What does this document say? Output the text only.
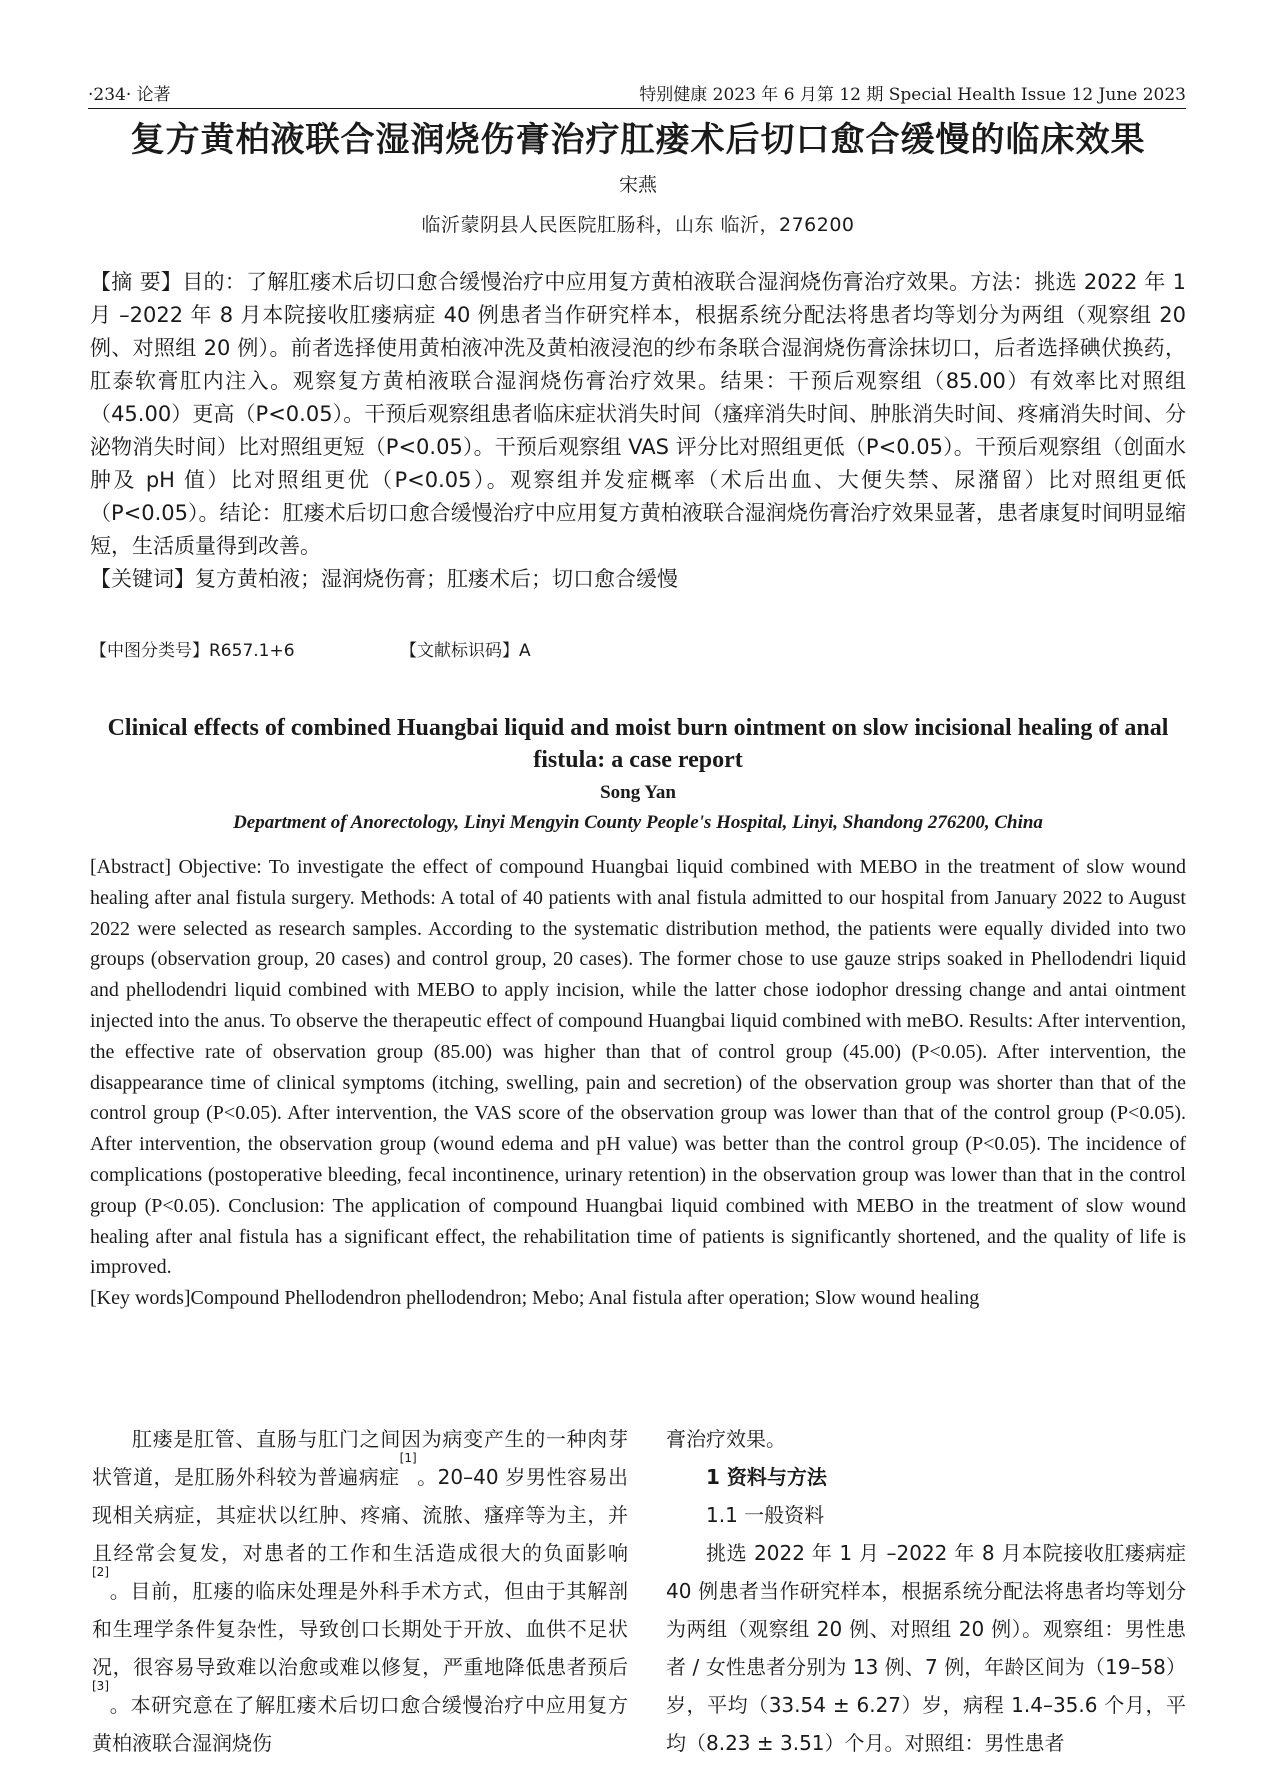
·234· 论著	特别健康 2023 年 6 月第 12 期 Special Health Issue 12 June 2023
复方黄柏液联合湿润烧伤膏治疗肛瘘术后切口愈合缓慢的临床效果
宋燕
临沂蒙阴县人民医院肛肠科，山东 临沂，276200

【摘 要】目的：了解肛瘘术后切口愈合缓慢治疗中应用复方黄柏液联合湿润烧伤膏治疗效果。方法：挑选 2022 年 1 月 –2022 年 8 月本院接收肛瘘病症 40 例患者当作研究样本，根据系统分配法将患者均等划分为两组（观察组 20 例、对照组 20 例）。前者选择使用黄柏液冲洗及黄柏液浸泡的纱布条联合湿润烧伤膏涂抹切口，后者选择碘伏换药，肛泰软膏肛内注入。观察复方黄柏液联合湿润烧伤膏治疗效果。结果：干预后观察组（85.00）有效率比对照组（45.00）更高（P<0.05）。干预后观察组患者临床症状消失时间（瘙痒消失时间、肿胀消失时间、疼痛消失时间、分泌物消失时间）比对照组更短（P<0.05）。干预后观察组 VAS 评分比对照组更低（P<0.05）。干预后观察组（创面水肿及 pH 值）比对照组更优（P<0.05）。观察组并发症概率（术后出血、大便失禁、尿潴留）比对照组更低（P<0.05）。结论：肛瘘术后切口愈合缓慢治疗中应用复方黄柏液联合湿润烧伤膏治疗效果显著，患者康复时间明显缩短，生活质量得到改善。

【关键词】复方黄柏液；湿润烧伤膏；肛瘘术后；切口愈合缓慢

【中图分类号】R657.1+6	【文献标识码】A
Clinical effects of combined Huangbai liquid and moist burn ointment on slow incisional healing of anal fistula: a case report
Song Yan
Department of Anorectology, Linyi Mengyin County People's Hospital, Linyi, Shandong 276200, China

[Abstract] Objective: To investigate the effect of compound Huangbai liquid combined with MEBO in the treatment of slow wound healing after anal fistula surgery. Methods: A total of 40 patients with anal fistula admitted to our hospital from January 2022 to August 2022 were selected as research samples. According to the systematic distribution method, the patients were equally divided into two groups (observation group, 20 cases) and control group, 20 cases). The former chose to use gauze strips soaked in Phellodendri liquid and phellodendri liquid combined with MEBO to apply incision, while the latter chose iodophor dressing change and antai ointment injected into the anus. To observe the therapeutic effect of compound Huangbai liquid combined with meBO. Results: After intervention, the effective rate of observation group (85.00) was higher than that of control group (45.00) (P<0.05). After intervention, the disappearance time of clinical symptoms (itching, swelling, pain and secretion) of the observation group was shorter than that of the control group (P<0.05). After intervention, the VAS score of the observation group was lower than that of the control group (P<0.05). After intervention, the observation group (wound edema and pH value) was better than the control group (P<0.05). The incidence of complications (postoperative bleeding, fecal incontinence, urinary retention) in the observation group was lower than that in the control group (P<0.05). Conclusion: The application of compound Huangbai liquid combined with MEBO in the treatment of slow wound healing after anal fistula has a significant effect, the rehabilitation time of patients is significantly shortened, and the quality of life is improved.

[Key words]Compound Phellodendron phellodendron; Mebo; Anal fistula after operation; Slow wound healing

肛瘘是肛管、直肠与肛门之间因为病变产生的一种肉芽状管道，是肛肠外科较为普遍病症[1]。20–40 岁男性容易出现相关病症，其症状以红肿、疼痛、流脓、瘙痒等为主，并且经常会复发，对患者的工作和生活造成很大的负面影响[2]。目前，肛瘘的临床处理是外科手术方式，但由于其解剖和生理学条件复杂性，导致创口长期处于开放、血供不足状况，很容易导致难以治愈或难以修复，严重地降低患者预后[3]。本研究意在了解肛瘘术后切口愈合缓慢治疗中应用复方黄柏液联合湿润烧伤

膏治疗效果。

1 资料与方法

1.1 一般资料

挑选 2022 年 1 月 –2022 年 8 月本院接收肛瘘病症 40 例患者当作研究样本，根据系统分配法将患者均等划分为两组（观察组 20 例、对照组 20 例）。观察组：男性患者 / 女性患者分别为 13 例、7 例，年龄区间为（19–58）岁，平均（33.54 ± 6.27）岁，病程 1.4–35.6 个月，平均（8.23 ± 3.51）个月。对照组：男性患者
